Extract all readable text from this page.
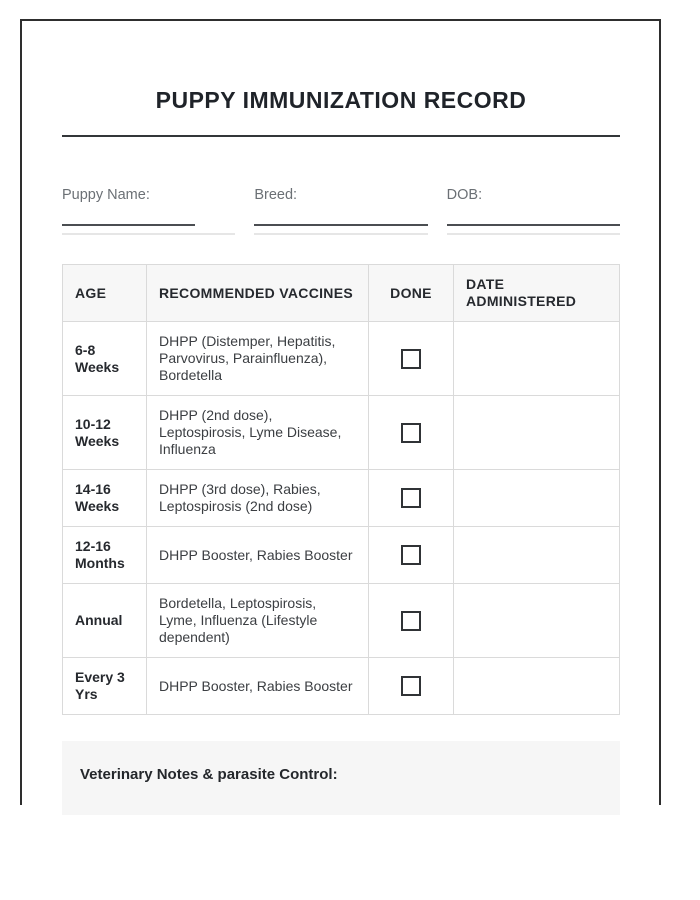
PUPPY IMMUNIZATION RECORD
Puppy Name:	Breed:	DOB:
AGE	RECOMMENDED VACCINES	DONE	DATE ADMINISTERED
6-8 Weeks	DHPP (Distemper, Hepatitis, Parvovirus, Parainfluenza), Bordetella	

10-12 Weeks	DHPP (2nd dose), Leptospirosis, Lyme Disease, Influenza	

14-16 Weeks	DHPP (3rd dose), Rabies, Leptospirosis (2nd dose)	

12-16 Months	DHPP Booster, Rabies Booster	

Annual	Bordetella, Leptospirosis, Lyme, Influenza (Lifestyle dependent)	

Every 3 Yrs	DHPP Booster, Rabies Booster	

Veterinary Notes & parasite Control:
